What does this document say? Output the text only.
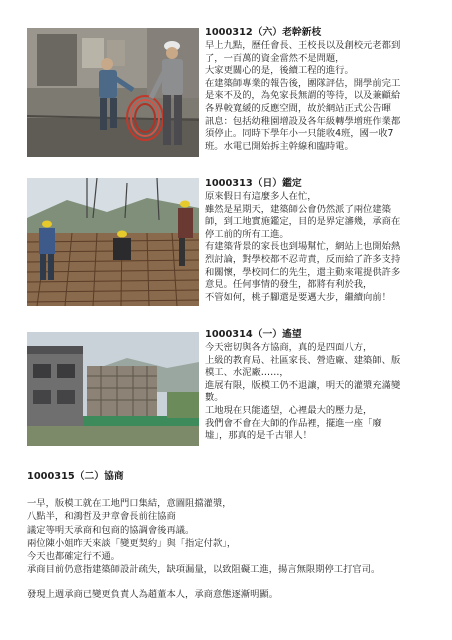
1000312（六）老幹新枝
早上九點，歷任會長、王校長以及創校元老都到
了，一百萬的資金當然不是問題，
大家更關心的是，後續工程的進行。
在建築師專業的報告後，團隊評估，開學前完工
是來不及的，為免家長無謂的等待，以及兼顧給
各界較寬緩的反應空間，故於網站正式公告暉
訊息：包括幼稚園增設及各年級轉學增班作業都
須停止。同時下學年小一只能收4班，國一收7
班。水電已開始拆主幹線和臨時電。
1000313（日）鑑定
原來假日有這麼多人在忙，
雖然是星期天，建築師公會仍然派了兩位建築
師，到工地實施鑑定，目的是界定瀋幾，承商在
停工前的所有工進。
有建築背景的家長也到場幫忙，網站上也開始熱
烈討論，對學校都不忍苛責，反而給了許多支持
和關懷，學校同仁的先生，還主動來電提供許多
意見。任何事情的發生，都將有利於我，
不管如何，桃子腳還是要邁大步，繼續向前！
1000314（一）遙望
今天密切與各方協商，真的是四面八方，
上級的教育局、社區家長、營造廠、建築師、版
模工、水泥廠……，
進展有限，版模工仍不退讓，明天的灌漿充滿變
數。
工地現在只能遙望，心裡最大的壓力是，
我們會不會在大師的作品裡，擺進一座「廢
墟」，那真的是千古罪人！
1000315（二）協商
一早，版模工就在工地門口集結，意圖阻擋灌漿，
八點半，和鴻哲及尹章會長前往協商
議定等明天承商和包商的協調會後再議。
兩位陳小姐昨天來談「變更契約」與「指定付款」，
今天也都確定行不通。
承商目前仍意指建築師設計疏失，缺項漏量，以致阻礙工進，揚言無限期停工打官司。
發現上週承商已變更負責人為趙董本人，承商意態逐漸明顯。
